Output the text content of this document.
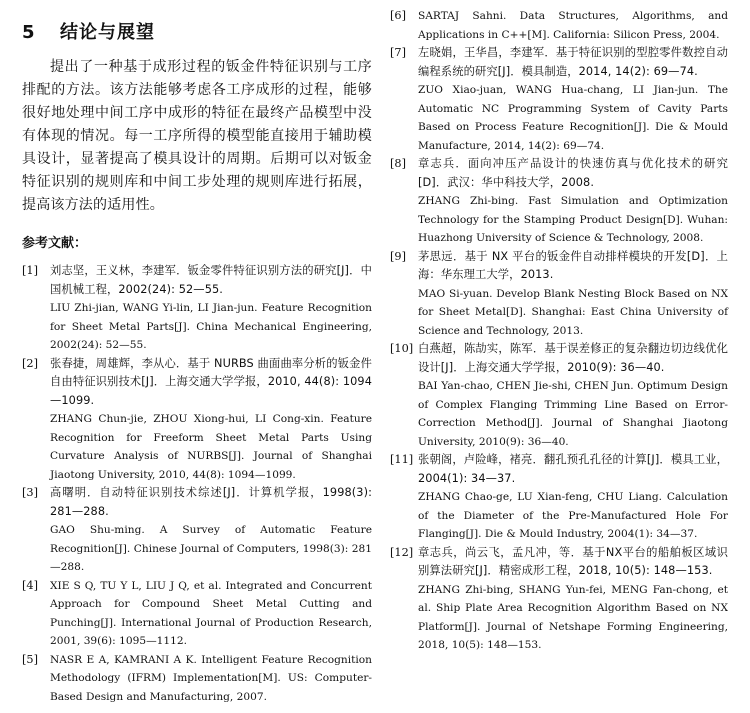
5 结论与展望

提出了一种基于成形过程的钣金件特征识别与工序排配的方法。该方法能够考虑各工序成形的过程，能够很好地处理中间工序中成形的特征在最终产品模型中没有体现的情况。每一工序所得的模型能直接用于辅助模具设计，显著提高了模具设计的周期。后期可以对钣金特征识别的规则库和中间工步处理的规则库进行拓展，提高该方法的适用性。

参考文献：
[1]	刘志坚，王义林，李建军．钣金零件特征识别方法的研究[J]．中国机械工程，2002(24): 52—55.
LIU Zhi-jian, WANG Yi-lin, LI Jian-jun. Feature Recognition for Sheet Metal Parts[J]. China Mechanical Engineering, 2002(24): 52—55.
[2]	张春捷，周雄辉，李从心．基于 NURBS 曲面曲率分析的钣金件自由特征识别技术[J]．上海交通大学学报，2010, 44(8): 1094—1099.
ZHANG Chun-jie, ZHOU Xiong-hui, LI Cong-xin. Feature Recognition for Freeform Sheet Metal Parts Using Curvature Analysis of NURBS[J]. Journal of Shanghai Jiaotong University, 2010, 44(8): 1094—1099.
[3]	高曙明．自动特征识别技术综述[J]．计算机学报，1998(3): 281—288.
GAO Shu-ming. A Survey of Automatic Feature Recognition[J]. Chinese Journal of Computers, 1998(3): 281—288.
[4]	XIE S Q, TU Y L, LIU J Q, et al. Integrated and Concurrent Approach for Compound Sheet Metal Cutting and Punching[J]. International Journal of Production Research, 2001, 39(6): 1095—1112.
[5]	NASR E A, KAMRANI A K. Intelligent Feature Recognition Methodology (IFRM) Implementation[M]. US: Computer-Based Design and Manufacturing, 2007.
[6]	SARTAJ Sahni. Data Structures, Algorithms, and Applications in C++[M]. California: Silicon Press, 2004.
[7]	左晓娟，王华昌，李建军．基于特征识别的型腔零件数控自动编程系统的研究[J]．模具制造，2014, 14(2): 69—74.
ZUO Xiao-juan, WANG Hua-chang, LI Jian-jun. The Automatic NC Programming System of Cavity Parts Based on Process Feature Recognition[J]. Die & Mould Manufacture, 2014, 14(2): 69—74.
[8]	章志兵．面向冲压产品设计的快速仿真与优化技术的研究[D]．武汉：华中科技大学，2008.
ZHANG Zhi-bing. Fast Simulation and Optimization Technology for the Stamping Product Design[D]. Wuhan: Huazhong University of Science & Technology, 2008.
[9]	茅思远．基于 NX 平台的钣金件自动排样模块的开发[D]．上海：华东理工大学，2013.
MAO Si-yuan. Develop Blank Nesting Block Based on NX for Sheet Metal[D]. Shanghai: East China University of Science and Technology, 2013.
[10] 白燕超，陈劼实，陈军．基于误差修正的复杂翻边切边线优化设计[J]．上海交通大学学报，2010(9): 36—40.
BAI Yan-chao, CHEN Jie-shi, CHEN Jun. Optimum Design of Complex Flanging Trimming Line Based on Error-Correction Method[J]. Journal of Shanghai Jiaotong University, 2010(9): 36—40.
[11] 张朝阁，卢险峰，褚亮．翻孔预孔孔径的计算[J]．模具工业，2004(1): 34—37.
ZHANG Chao-ge, LU Xian-feng, CHU Liang. Calculation of the Diameter of the Pre-Manufactured Hole For Flanging[J]. Die & Mould Industry, 2004(1): 34—37.
[12] 章志兵，尚云飞，孟凡冲，等．基于NX平台的船舶板区域识别算法研究[J]．精密成形工程，2018, 10(5): 148—153.
ZHANG Zhi-bing, SHANG Yun-fei, MENG Fan-chong, et al. Ship Plate Area Recognition Algorithm Based on NX Platform[J]. Journal of Netshape Forming Engineering, 2018, 10(5): 148—153.
